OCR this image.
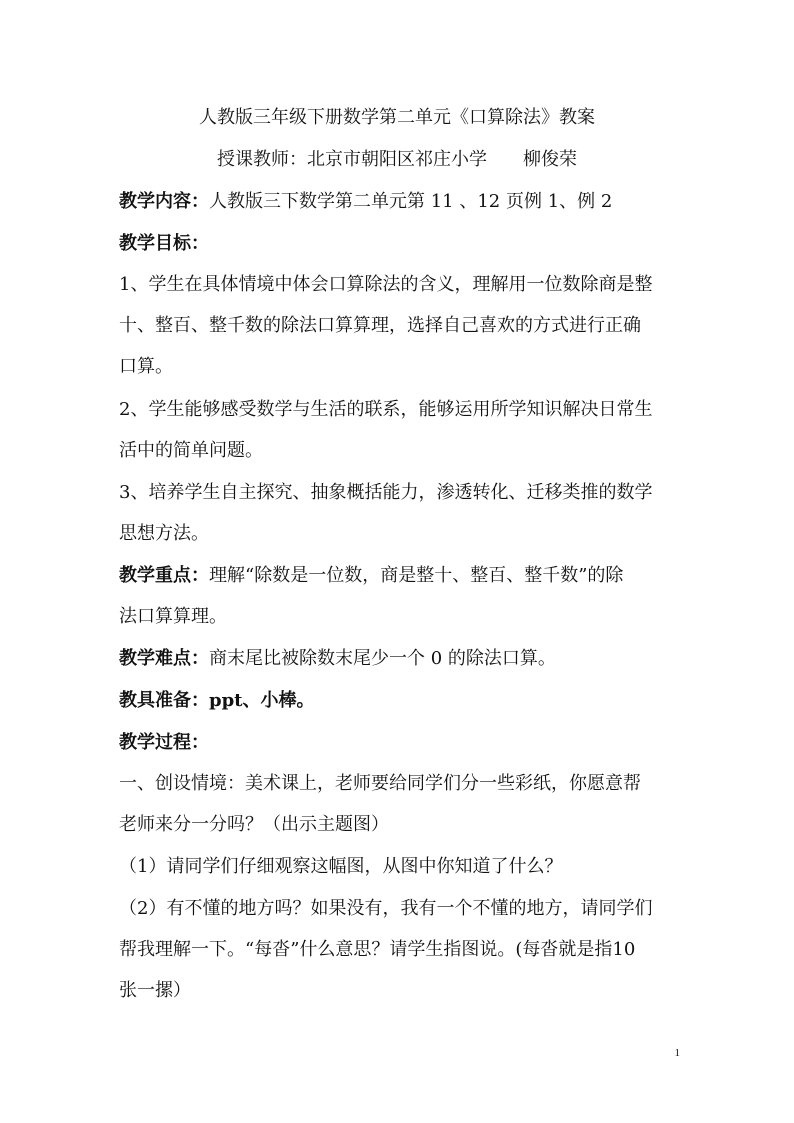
人教版三年级下册数学第二单元《口算除法》教案
授课教师：北京市朝阳区祁庄小学　　柳俊荣
教学内容：人教版三下数学第二单元第 11 、12 页例 1、例 2
教学目标：
1、学生在具体情境中体会口算除法的含义，理解用一位数除商是整
十、整百、整千数的除法口算算理，选择自己喜欢的方式进行正确
口算。
2、学生能够感受数学与生活的联系，能够运用所学知识解决日常生
活中的简单问题。
3、培养学生自主探究、抽象概括能力，渗透转化、迁移类推的数学
思想方法。
教学重点：理解“除数是一位数，商是整十、整百、整千数”的除
法口算算理。
教学难点：商末尾比被除数末尾少一个 0 的除法口算。
教具准备：ppt、小棒。
教学过程：
一、创设情境：美术课上，老师要给同学们分一些彩纸，你愿意帮
老师来分一分吗？（出示主题图）
（1）请同学们仔细观察这幅图，从图中你知道了什么？
（2）有不懂的地方吗？如果没有，我有一个不懂的地方，请同学们
帮我理解一下。“每沓”什么意思？请学生指图说。(每沓就是指10
张一摞）
1
